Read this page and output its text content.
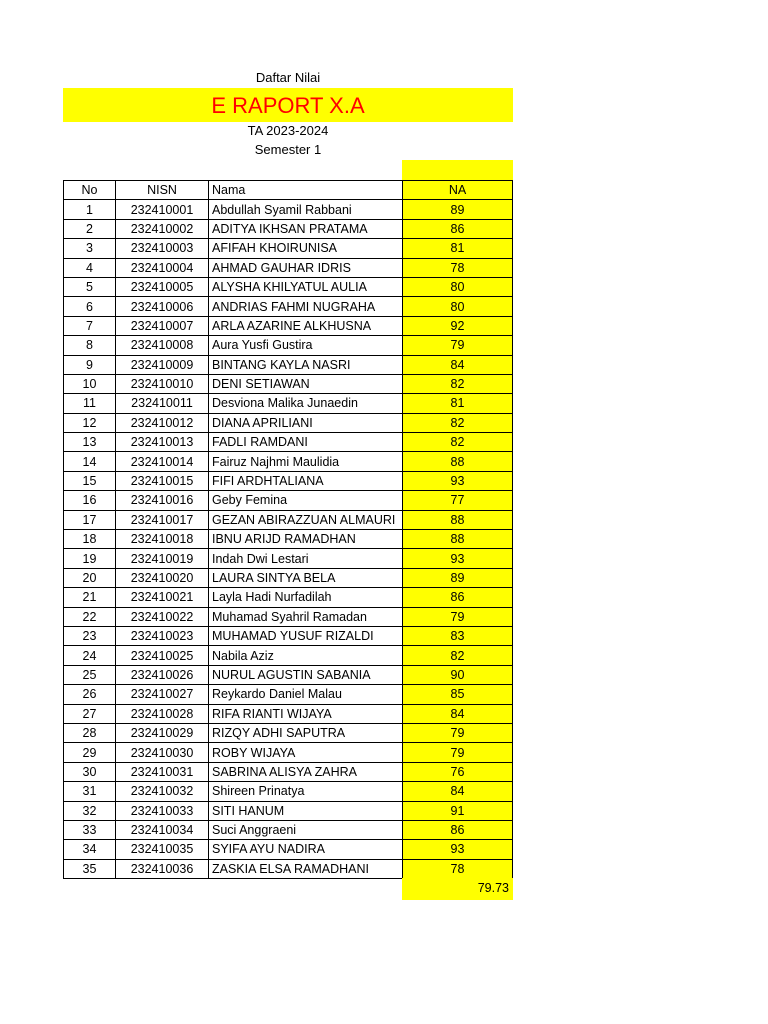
Daftar Nilai
E RAPORT X.A
TA 2023-2024
Semester 1
No	NISN	Nama	NA
1	232410001	Abdullah Syamil Rabbani	89
2	232410002	ADITYA IKHSAN PRATAMA	86
3	232410003	AFIFAH KHOIRUNISA	81
4	232410004	AHMAD GAUHAR IDRIS	78
5	232410005	ALYSHA KHILYATUL AULIA	80
6	232410006	ANDRIAS FAHMI NUGRAHA	80
7	232410007	ARLA AZARINE ALKHUSNA	92
8	232410008	Aura Yusfi Gustira	79
9	232410009	BINTANG KAYLA NASRI	84
10	232410010	DENI SETIAWAN	82
11	232410011	Desviona Malika Junaedin	81
12	232410012	DIANA APRILIANI	82
13	232410013	FADLI RAMDANI	82
14	232410014	Fairuz Najhmi Maulidia	88
15	232410015	FIFI ARDHTALIANA	93
16	232410016	Geby Femina	77
17	232410017	GEZAN ABIRAZZUAN ALMAURI	88
18	232410018	IBNU ARIJD RAMADHAN	88
19	232410019	Indah Dwi Lestari	93
20	232410020	LAURA SINTYA BELA	89
21	232410021	Layla Hadi Nurfadilah	86
22	232410022	Muhamad Syahril Ramadan	79
23	232410023	MUHAMAD YUSUF RIZALDI	83
24	232410025	Nabila Aziz	82
25	232410026	NURUL AGUSTIN SABANIA	90
26	232410027	Reykardo Daniel Malau	85
27	232410028	RIFA RIANTI WIJAYA	84
28	232410029	RIZQY ADHI SAPUTRA	79
29	232410030	ROBY WIJAYA	79
30	232410031	SABRINA ALISYA ZAHRA	76
31	232410032	Shireen Prinatya	84
32	232410033	SITI HANUM	91
33	232410034	Suci Anggraeni	86
34	232410035	SYIFA AYU NADIRA	93
35	232410036	ZASKIA ELSA RAMADHANI	78
79.73
